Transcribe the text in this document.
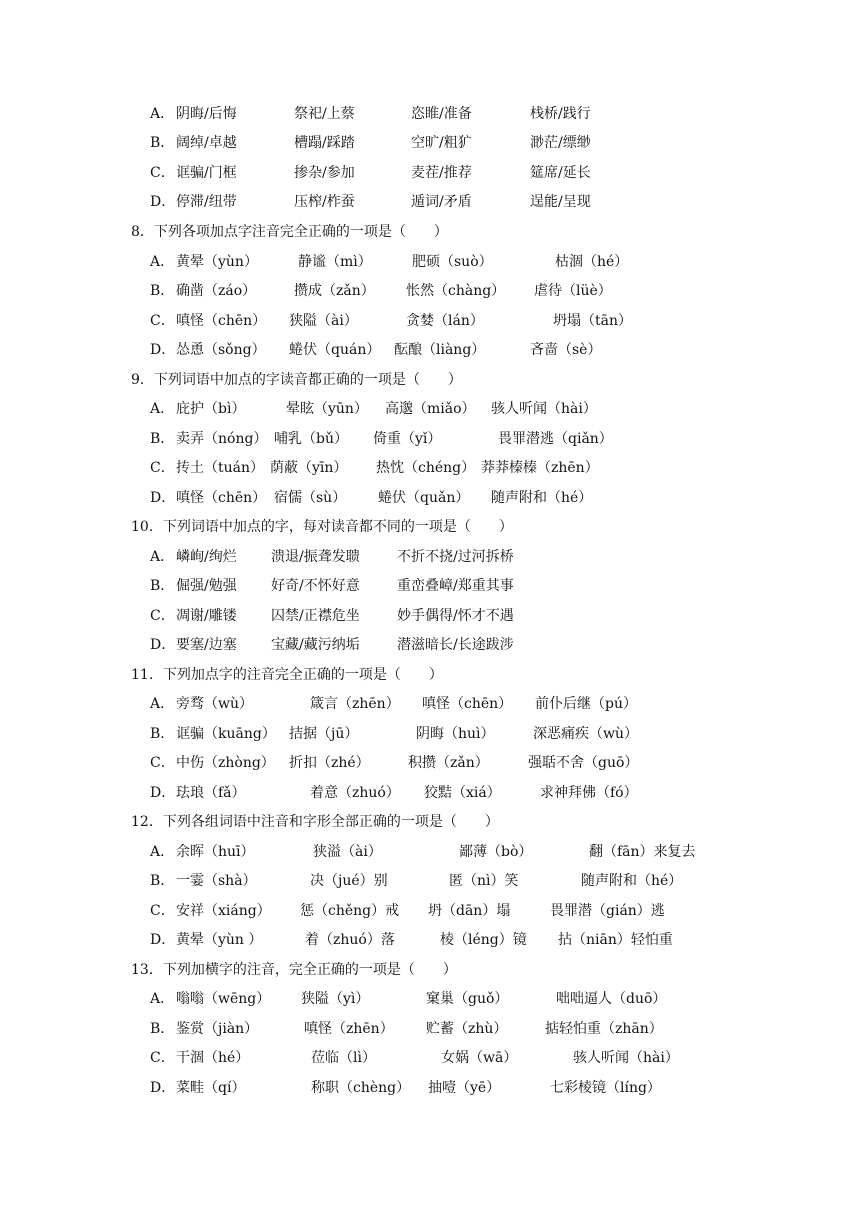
A． 阴晦/后悔	祭祀/上蔡	恣睢/准备	栈桥/践行
B． 阔绰/卓越	槽蹋/踩踏	空旷/粗犷	渺茫/缥缈
C． 诓骗/门框	掺杂/参加	麦茬/推荐	筵席/延长
D． 停滞/纽带	压榨/柞蚕	遁词/矛盾	逞能/呈现
8．下列各项加点字注音完全正确的一项是（　　）
A． 黄晕（yùn）	静谧（mì）	肥硕（suò）	枯涸（hé）
B． 确凿（záo）	攒成（zǎn） 怅然（chàng） 虐待（lüè）
C． 嗔怪（chēn） 狭隘（ài）	贪婪（lán）	坍塌（tān）
D． 怂恿（sǒng） 蜷伏（quán） 酝酿（liàng）	吝啬（sè）
9．下列词语中加点的字读音都正确的一项是（　　）
A． 庇护（bì）	晕眩（yūn） 高邈（miǎo） 骇人听闻（hài）
B． 卖弄（nóng） 哺乳（bǔ） 倚重（yǐ）	畏罪潜逃（qiǎn）
C． 抟土（tuán） 荫蔽（yīn） 热忱（chéng） 莽莽榛榛（zhēn）
D． 嗔怪（chēn） 宿儒（sù） 蜷伏（quǎn） 随声附和（hé）
10．下列词语中加点的字，每对读音都不同的一项是（　　）
A． 嶙峋/绚烂 溃退/振聋发聩	不折不挠/过河拆桥
B． 倔强/勉强 好奇/不怀好意	重峦叠嶂/郑重其事
C． 凋谢/雕镂 囚禁/正襟危坐	妙手偶得/怀才不遇
D． 要塞/边塞 宝藏/藏污纳垢	潜滋暗长/长途跋涉
11．下列加点字的注音完全正确的一项是（　　）
A． 旁骛（wù）	箴言（zhēn） 嗔怪（chēn） 前仆后继（pú）
B． 诓骗（kuāng） 拮据（jū）	阴晦（huì）	深恶痛疾（wù）
C． 中伤（zhòng） 折扣（zhé）	积攒（zǎn）	强聒不舍（guō）
D． 珐琅（fǎ）	着意（zhuó） 狡黠（xiá）	求神拜佛（fó）
12．下列各组词语中注音和字形全部正确的一项是（　　）
A． 余晖（huī）	狭溢（ài）	鄙薄（bò）	翻（fān）来复去
B． 一霎（shà）	决（jué）别	匿（nì）笑	随声附和（hé）
C． 安祥（xiáng） 惩（chěng）戒 坍（dān）塌	畏罪潜（gián）逃
D． 黄晕（yùn ）	着（zhuó）落	棱（léng）镜 拈（niān）轻怕重
13．下列加横字的注音，完全正确的一项是（　　）
A． 嗡嗡（wēng） 狭隘（yì）	窠巢（guǒ）	咄咄逼人（duō）
B． 鉴赏（jiàn）	嗔怪（zhēn） 贮蓄（zhù）	掂轻怕重（zhān）
C． 干涸（hé）	莅临（lì）	女娲（wā）	骇人听闻（hài）
D． 菜畦（qí）	称职（chèng） 抽噎（yē）	七彩棱镜（líng）
